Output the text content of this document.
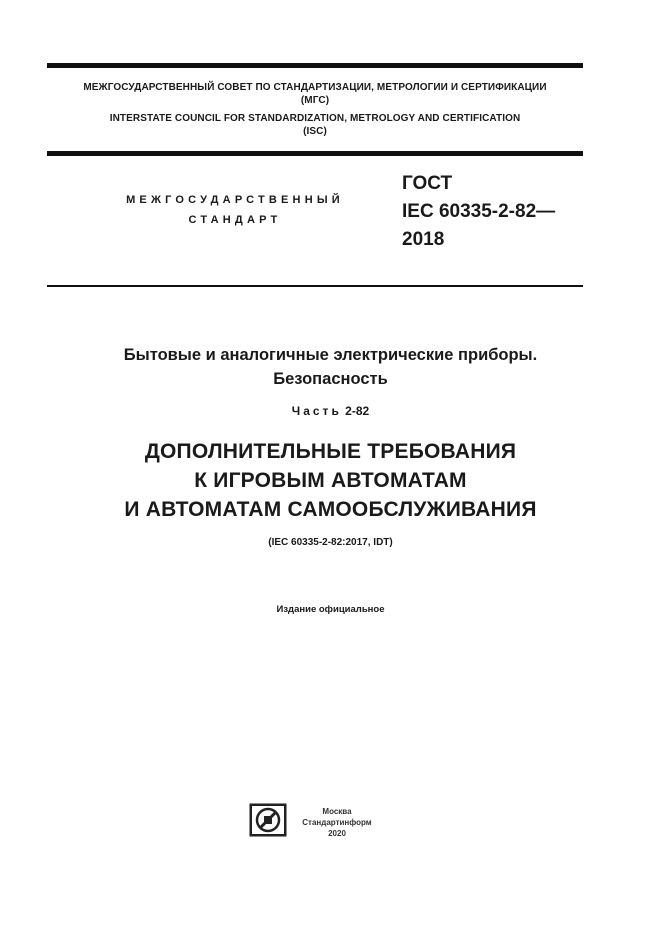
МЕЖГОСУДАРСТВЕННЫЙ СОВЕТ ПО СТАНДАРТИЗАЦИИ, МЕТРОЛОГИИ И СЕРТИФИКАЦИИ
(МГС)
INTERSTATE COUNCIL FOR STANDARDIZATION, METROLOGY AND CERTIFICATION
(ISC)
МЕЖГОСУДАРСТВЕННЫЙ
СТАНДАРТ
ГОСТ
IEC 60335-2-82—
2018
Бытовые и аналогичные электрические приборы.
Безопасность
Часть 2-82
ДОПОЛНИТЕЛЬНЫЕ ТРЕБОВАНИЯ
К ИГРОВЫМ АВТОМАТАМ
И АВТОМАТАМ САМООБСЛУЖИВАНИЯ
(IEC 60335-2-82:2017, IDT)
Издание официальное
Москва
Стандартинформ
2020
